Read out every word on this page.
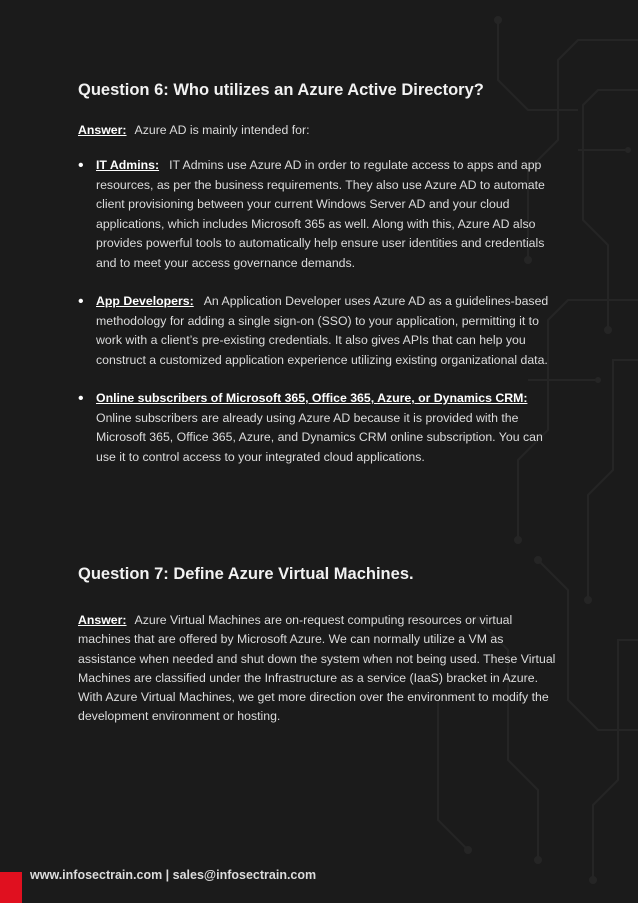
Question 6: Who utilizes an Azure Active Directory?
Answer: Azure AD is mainly intended for:
• IT Admins: IT Admins use Azure AD in order to regulate access to apps and app resources, as per the business requirements. They also use Azure AD to automate client provisioning between your current Windows Server AD and your cloud applications, which includes Microsoft 365 as well. Along with this, Azure AD also provides powerful tools to automatically help ensure user identities and credentials and to meet your access governance demands.
• App Developers: An Application Developer uses Azure AD as a guidelines-based methodology for adding a single sign-on (SSO) to your application, permitting it to work with a client’s pre-existing credentials. It also gives APIs that can help you construct a customized application experience utilizing existing organizational data.
• Online subscribers of Microsoft 365, Office 365, Azure, or Dynamics CRM:
Online subscribers are already using Azure AD because it is provided with the Microsoft 365, Office 365, Azure, and Dynamics CRM online subscription. You can use it to control access to your integrated cloud applications.
Question 7: Define Azure Virtual Machines.
Answer: Azure Virtual Machines are on-request computing resources or virtual machines that are offered by Microsoft Azure. We can normally utilize a VM as assistance when needed and shut down the system when not being used. These Virtual Machines are classified under the Infrastructure as a service (IaaS) bracket in Azure. With Azure Virtual Machines, we get more direction over the environment to modify the development environment or hosting.
www.infosectrain.com | sales@infosectrain.com
